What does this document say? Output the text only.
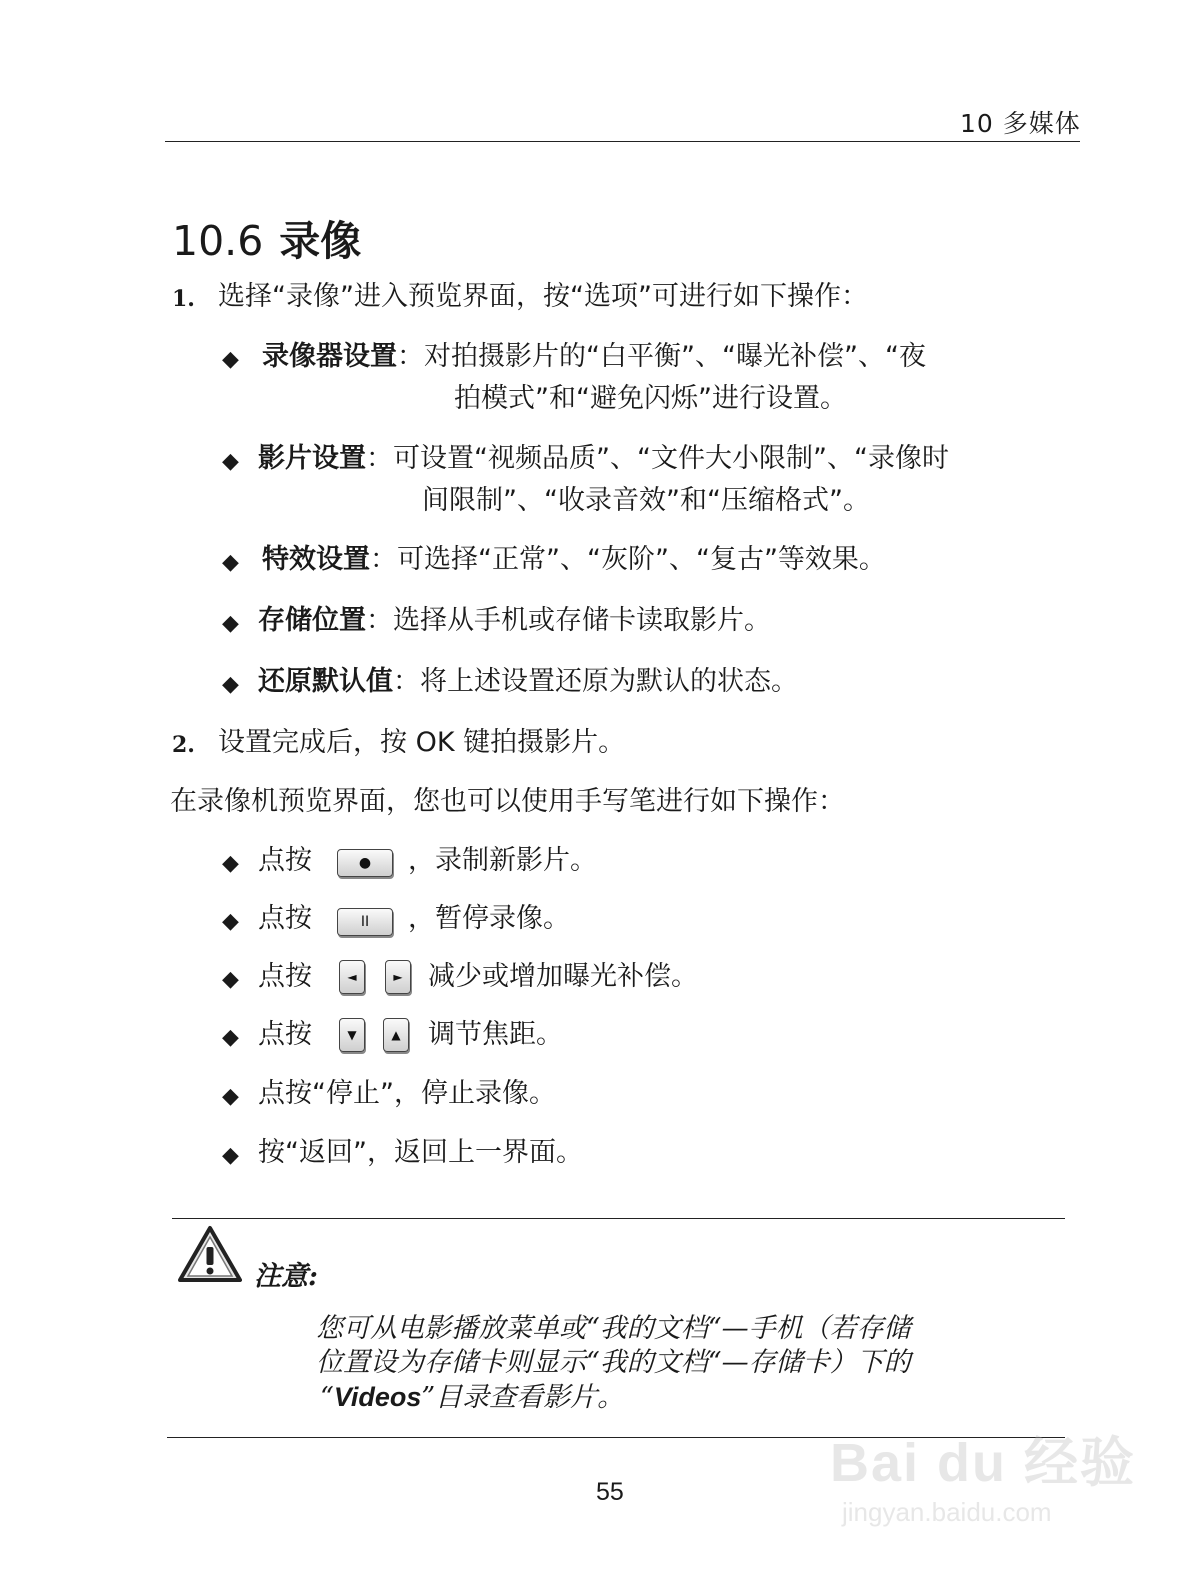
10 多媒体
10.6 录像
1. 选择“录像”进入预览界面，按“选项”可进行如下操作：
◆ 录像器设置：对拍摄影片的“白平衡”、“曝光补偿”、“夜
拍模式”和“避免闪烁”进行设置。
◆ 影片设置：可设置“视频品质”、“文件大小限制”、“录像时
间限制”、“收录音效”和“压缩格式”。
◆ 特效设置：可选择“正常”、“灰阶”、“复古”等效果。
◆ 存储位置：选择从手机或存储卡读取影片。
◆ 还原默认值：将上述设置还原为默认的状态。
2. 设置完成后，按 OK 键拍摄影片。
在录像机预览界面，您也可以使用手写笔进行如下操作：
◆ 点按	●	，录制新影片。
◆ 点按	II	，暂停录像。
◆ 点按	◄	► 减少或增加曝光补偿。
◆ 点按	▼	▲	调节焦距。
◆ 点按“停止”，停止录像。
◆ 按“返回”，返回上一界面。
注意:
您可从电影播放菜单或“我的文档“—手机（若存储
位置设为存储卡则显示“我的文档“—存储卡）下的
“Videos”目录查看影片。
55	Bai du 经验
jingyan.baidu.com
